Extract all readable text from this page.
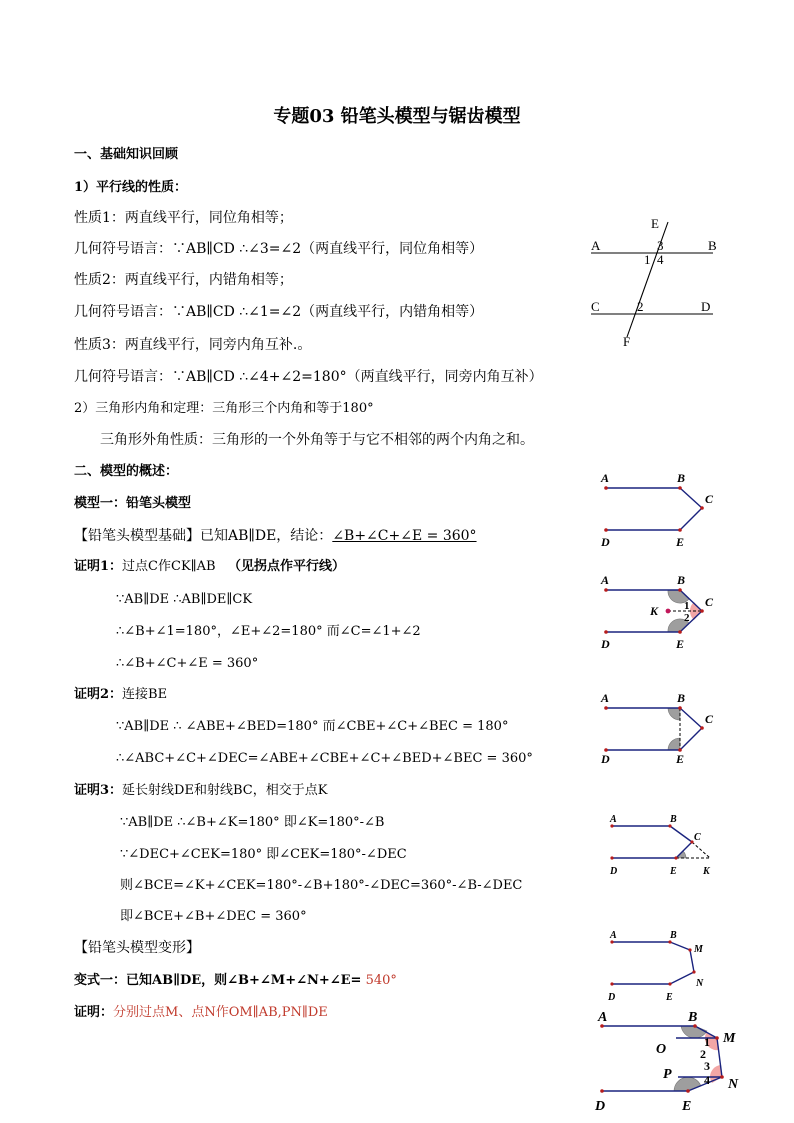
专题03 铅笔头模型与锯齿模型
一、基础知识回顾
1）平行线的性质：
性质1：两直线平行，同位角相等；
几何符号语言：∵AB∥CD ∴∠3=∠2（两直线平行，同位角相等）
性质2：两直线平行，内错角相等；
几何符号语言：∵AB∥CD ∴∠1=∠2（两直线平行，内错角相等）
性质3：两直线平行，同旁内角互补.。
几何符号语言：∵AB∥CD ∴∠4+∠2=180°（两直线平行，同旁内角互补）
2）三角形内角和定理：三角形三个内角和等于180°
三角形外角性质：三角形的一个外角等于与它不相邻的两个内角之和。
二、模型的概述：
模型一：铅笔头模型
【铅笔头模型基础】已知AB∥DE，结论：∠B+∠C+∠E = 360°
证明1：过点C作CK∥AB （见拐点作平行线）
∵AB∥DE ∴AB∥DE∥CK
∴∠B+∠1=180°，∠E+∠2=180° 而∠C=∠1+∠2
∴∠B+∠C+∠E = 360°
证明2：连接BE
∵AB∥DE ∴ ∠ABE+∠BED=180° 而∠CBE+∠C+∠BEC = 180°
∴∠ABC+∠C+∠DEC=∠ABE+∠CBE+∠C+∠BED+∠BEC = 360°
证明3：延长射线DE和射线BC，相交于点K
∵AB∥DE ∴∠B+∠K=180° 即∠K=180°-∠B
∵∠DEC+∠CEK=180° 即∠CEK=180°-∠DEC
则∠BCE=∠K+∠CEK=180°-∠B+180°-∠DEC=360°-∠B-∠DEC
即∠BCE+∠B+∠DEC = 360°
【铅笔头模型变形】
变式一：已知AB∥DE，则∠B+∠M+∠N+∠E= 540°
证明：分别过点M、点N作OM∥AB,PN∥DE
E
A	B
C	D
F
3
1 4
2
A	B
C
D	E
A	B
C
D	E
K 1
2
A	B
C
D	E
A	B
C
D	E	K
A	B
M
N
D	E
A	B
M
O
P
N
D	E
1
2
3
4
